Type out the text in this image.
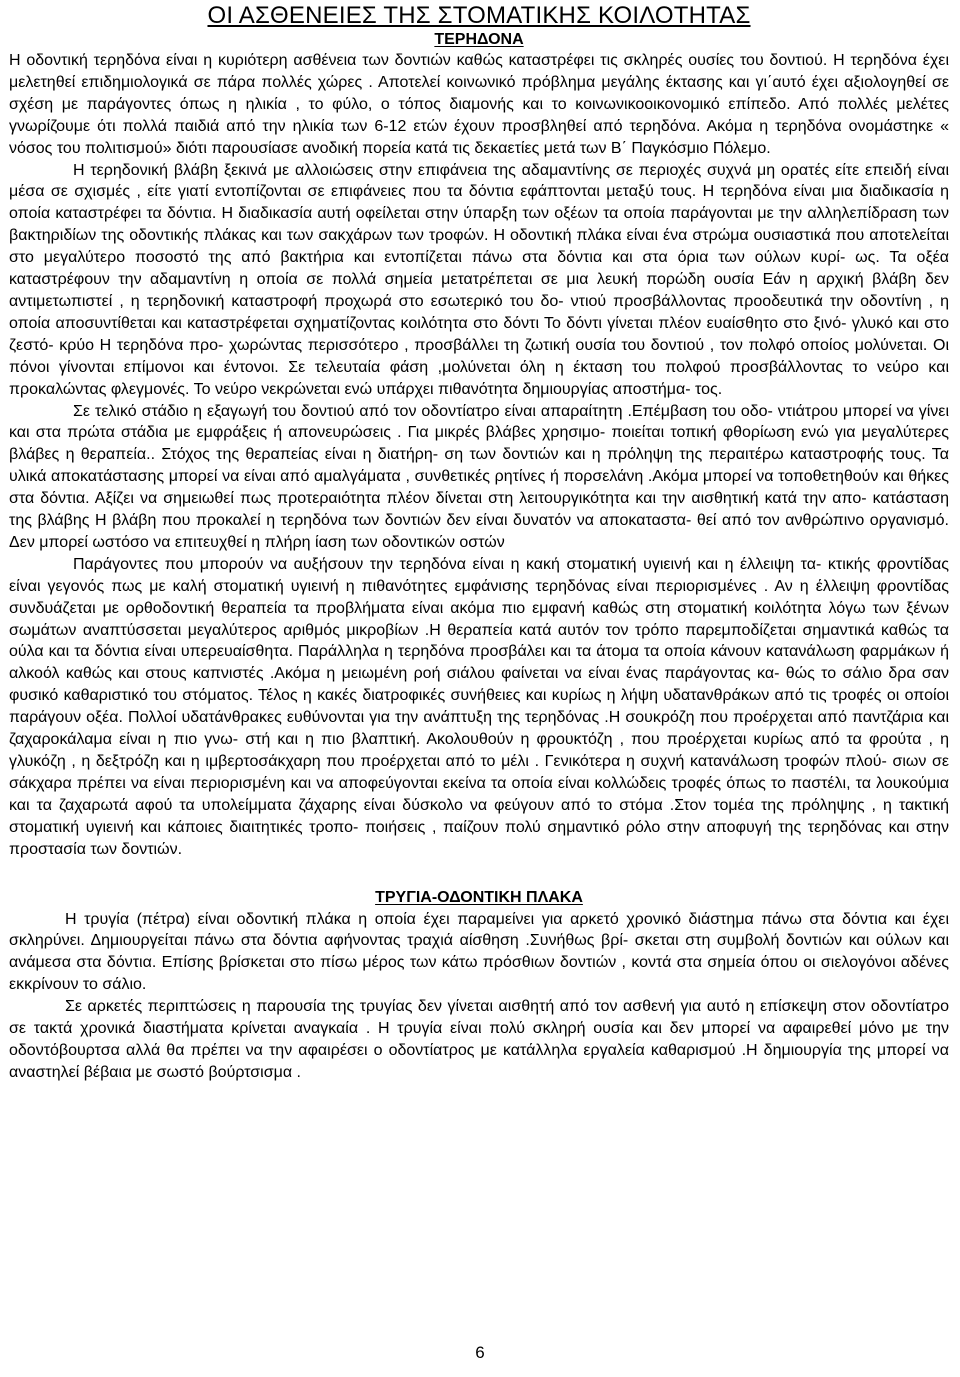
ΟΙ ΑΣΘΕΝΕΙΕΣ ΤΗΣ ΣΤΟΜΑΤΙΚΗΣ ΚΟΙΛΟΤΗΤΑΣ
ΤΕΡΗΔΟΝΑ

Η οδοντική τερηδόνα είναι η κυριότερη ασθένεια των δοντιών καθώς καταστρέφει τις σκληρές ουσίες του δοντιού. Η τερηδόνα έχει μελετηθεί επιδημιολογικά σε πάρα πολλές χώρες . Αποτελεί κοινωνικό πρόβλημα μεγάλης έκτασης και γι΄αυτό έχει αξιολογηθεί σε σχέση με παράγοντες όπως η ηλικία , το φύλο, ο τόπος διαμονής και το κοινωνικοοικονομικό επίπεδο. Από πολλές μελέτες γνωρίζουμε ότι πολλά παιδιά από την ηλικία των 6-12 ετών έχουν προσβληθεί από τερηδόνα. Ακόμα η τερηδόνα ονομάστηκε « νόσος του πολιτισμού» διότι παρουσίασε ανοδική πορεία κατά τις δεκαετίες μετά των Β΄ Παγκόσμιο Πόλεμο.

Η τερηδονική βλάβη ξεκινά με αλλοιώσεις στην επιφάνεια της αδαμαντίνης σε περιοχές συχνά μη ορατές είτε επειδή είναι μέσα σε σχισμές , είτε γιατί εντοπίζονται σε επιφάνειες που τα δόντια εφάπτονται μεταξύ τους. Η τερηδόνα είναι μια διαδικασία η οποία καταστρέφει τα δόντια. Η διαδικασία αυτή οφείλεται στην ύπαρξη των οξέων τα οποία παράγονται με την αλληλεπίδραση των βακτηριδίων της οδοντικής πλάκας και των σακχάρων των τροφών. Η οδοντική πλάκα είναι ένα στρώμα ουσιαστικά που αποτελείται στο μεγαλύτερο ποσοστό της από βακτήρια και εντοπίζεται πάνω στα δόντια και στα όρια των ούλων κυρί- ως. Τα οξέα καταστρέφουν την αδαμαντίνη η οποία σε πολλά σημεία μετατρέπεται σε μια λευκή πορώδη ουσία Εάν η αρχική βλάβη δεν αντιμετωπιστεί , η τερηδονική καταστροφή προχωρά στο εσωτερικό του δο- ντιού προσβάλλοντας προοδευτικά την οδοντίνη , η οποία αποσυντίθεται και καταστρέφεται σχηματίζοντας κοιλότητα στο δόντι Το δόντι γίνεται πλέον ευαίσθητο στο ξινό- γλυκό και στο ζεστό- κρύο Η τερηδόνα προ- χωρώντας περισσότερο , προσβάλλει τη ζωτική ουσία του δοντιού , τον πολφό οποίος μολύνεται. Οι πόνοι γίνονται επίμονοι και έντονοι. Σε τελευταία φάση ,μολύνεται όλη η έκταση του πολφού προσβάλλοντας το νεύρο και προκαλώντας φλεγμονές. Το νεύρο νεκρώνεται ενώ υπάρχει πιθανότητα δημιουργίας αποστήμα- τος.

Σε τελικό στάδιο η εξαγωγή του δοντιού από τον οδοντίατρο είναι απαραίτητη .Επέμβαση του οδο- ντιάτρου μπορεί να γίνει και στα πρώτα στάδια με εμφράξεις ή απονευρώσεις . Για μικρές βλάβες χρησιμο- ποιείται τοπική φθορίωση ενώ για μεγαλύτερες βλάβες η θεραπεία.. Στόχος της θεραπείας είναι η διατήρη- ση των δοντιών και η πρόληψη της περαιτέρω καταστροφής τους. Τα υλικά αποκατάστασης μπορεί να είναι από αμαλγάματα , συνθετικές ρητίνες ή πορσελάνη .Ακόμα μπορεί να τοποθετηθούν και θήκες στα δόντια. Αξίζει να σημειωθεί πως προτεραιότητα πλέον δίνεται στη λειτουργικότητα και την αισθητική κατά την απο- κατάσταση της βλάβης Η βλάβη που προκαλεί η τερηδόνα των δοντιών δεν είναι δυνατόν να αποκαταστα- θεί από τον ανθρώπινο οργανισμό. Δεν μπορεί ωστόσο να επιτευχθεί η πλήρη ίαση των οδοντικών οστών

Παράγοντες που μπορούν να αυξήσουν την τερηδόνα είναι η κακή στοματική υγιεινή και η έλλειψη τα- κτικής φροντίδας είναι γεγονός πως με καλή στοματική υγιεινή η πιθανότητες εμφάνισης τερηδόνας είναι περιορισμένες . Αν η έλλειψη φροντίδας συνδυάζεται με ορθοδοντική θεραπεία τα προβλήματα είναι ακόμα πιο εμφανή καθώς στη στοματική κοιλότητα λόγω των ξένων σωμάτων αναπτύσσεται μεγαλύτερος αριθμός μικροβίων .Η θεραπεία κατά αυτόν τον τρόπο παρεμποδίζεται σημαντικά καθώς τα ούλα και τα δόντια είναι υπερευαίσθητα. Παράλληλα η τερηδόνα προσβάλει και τα άτομα τα οποία κάνουν κατανάλωση φαρμάκων ή αλκοόλ καθώς και στους καπνιστές .Ακόμα η μειωμένη ροή σιάλου φαίνεται να είναι ένας παράγοντας κα- θώς το σάλιο δρα σαν φυσικό καθαριστικό του στόματος. Τέλος η κακές διατροφικές συνήθειες και κυρίως η λήψη υδατανθράκων από τις τροφές οι οποίοι παράγουν οξέα. Πολλοί υδατάνθρακες ευθύνονται για την ανάπτυξη της τερηδόνας .Η σουκρόζη που προέρχεται από παντζάρια και ζαχαροκάλαμα είναι η πιο γνω- στή και η πιο βλαπτική. Ακολουθούν η φρουκτόζη , που προέρχεται κυρίως από τα φρούτα , η γλυκόζη , η δεξτρόζη και η ιμβερτοσάκχαρη που προέρχεται από το μέλι . Γενικότερα η συχνή κατανάλωση τροφών πλού- σιων σε σάκχαρα πρέπει να είναι περιορισμένη και να αποφεύγονται εκείνα τα οποία είναι κολλώδεις τροφές όπως το παστέλι, τα λουκούμια και τα ζαχαρωτά αφού τα υπολείμματα ζάχαρης είναι δύσκολο να φεύγουν από το στόμα .Στον τομέα της πρόληψης , η τακτική στοματική υγιεινή και κάποιες διαιτητικές τροπο- ποιήσεις , παίζουν πολύ σημαντικό ρόλο στην αποφυγή της τερηδόνας και στην προστασία των δοντιών.

ΤΡΥΓΙΑ-ΟΔΟΝΤΙΚΗ ΠΛΑΚΑ

Η τρυγία (πέτρα) είναι οδοντική πλάκα η οποία έχει παραμείνει για αρκετό χρονικό διάστημα πάνω στα δόντια και έχει σκληρύνει. Δημιουργείται πάνω στα δόντια αφήνοντας τραχιά αίσθηση .Συνήθως βρί- σκεται στη συμβολή δοντιών και ούλων και ανάμεσα στα δόντια. Επίσης βρίσκεται στο πίσω μέρος των κάτω πρόσθιων δοντιών , κοντά στα σημεία όπου οι σιελογόνοι αδένες εκκρίνουν το σάλιο.

Σε αρκετές περιπτώσεις η παρουσία της τρυγίας δεν γίνεται αισθητή από τον ασθενή για αυτό η επίσκεψη στον οδοντίατρο σε τακτά χρονικά διαστήματα κρίνεται αναγκαία . Η τρυγία είναι πολύ σκληρή ουσία και δεν μπορεί να αφαιρεθεί μόνο με την οδοντόβουρτσα αλλά θα πρέπει να την αφαιρέσει ο οδοντίατρος με κατάλληλα εργαλεία καθαρισμού .Η δημιουργία της μπορεί να αναστηλεί βέβαια με σωστό βούρτσισμα .

6
